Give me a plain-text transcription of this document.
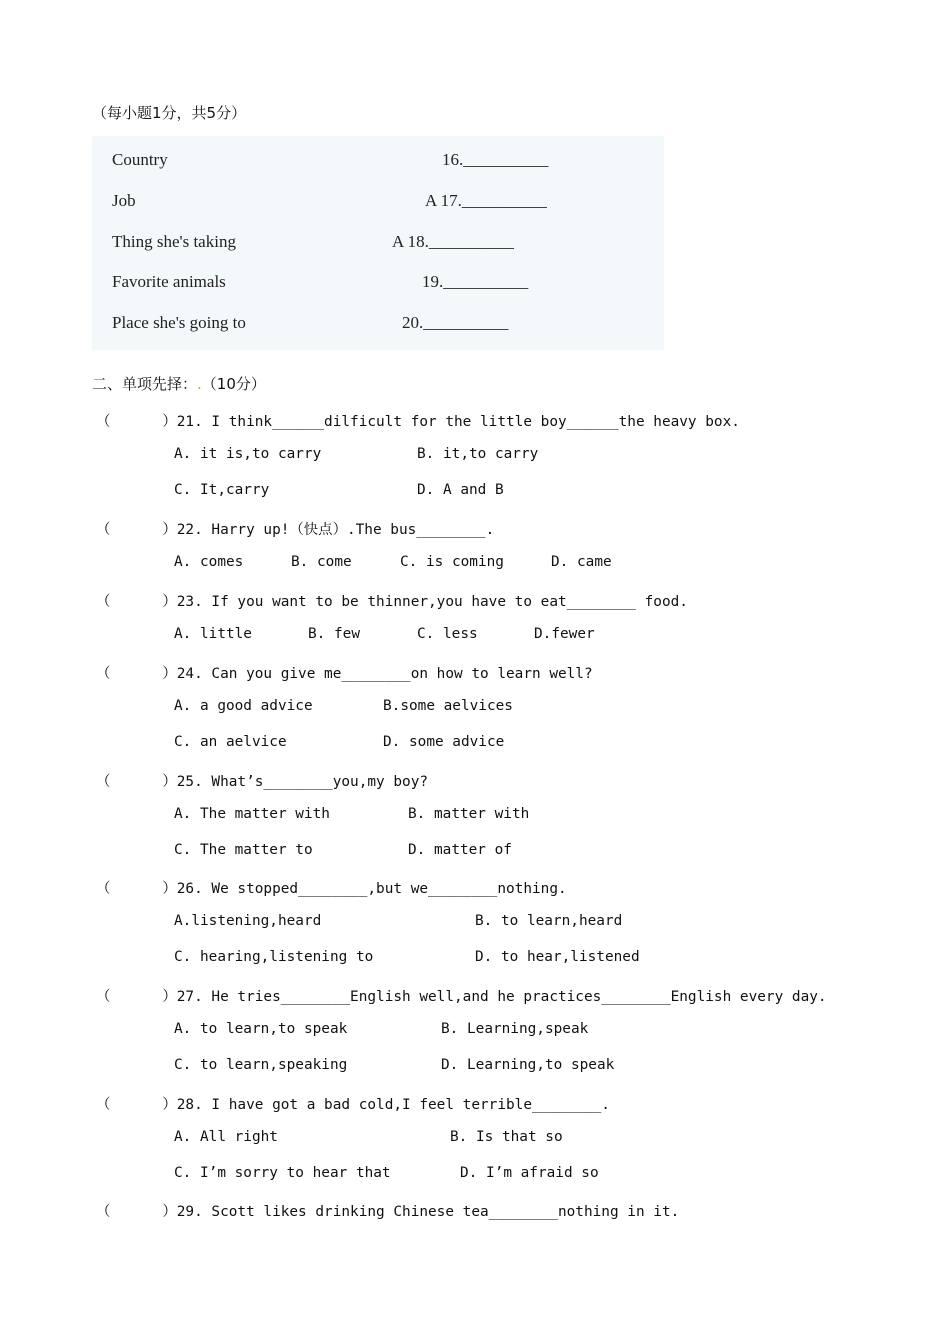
（每小题1分，共5分）
Country	16.__________
Job	A 17.__________
Thing she's taking	A 18.__________
Favorite animals	19.__________
Place she's going to	20.__________
二、单项先择：.（10分）
（      ）21. I think______dilficult for the little boy______the heavy box.
A. it is,to carry	B. it,to carry
C. It,carry	D. A and B
（      ）22. Harry up!（快点）.The bus________.
A. comes	B. come	C. is coming	D. came
（      ）23. If you want to be thinner,you have to eat________ food.
A. little	B. few	C. less	D.fewer
（      ）24. Can you give me________on how to learn well?
A. a good advice	B.some aelvices
C. an aelvice	D. some advice
（      ）25. What’s________you,my boy?
A. The matter with	B. matter with
C. The matter to	D. matter of
（      ）26. We stopped________,but we________nothing.
A.listening,heard	B. to learn,heard
C. hearing,listening to	D. to hear,listened
（      ）27. He tries________English well,and he practices________English every day.
A. to learn,to speak	B. Learning,speak
C. to learn,speaking	D. Learning,to speak
（      ）28. I have got a bad cold,I feel terrible________.
A. All right	B. Is that so
C. I’m sorry to hear that	D. I’m afraid so
（      ）29. Scott likes drinking Chinese tea________nothing in it.
